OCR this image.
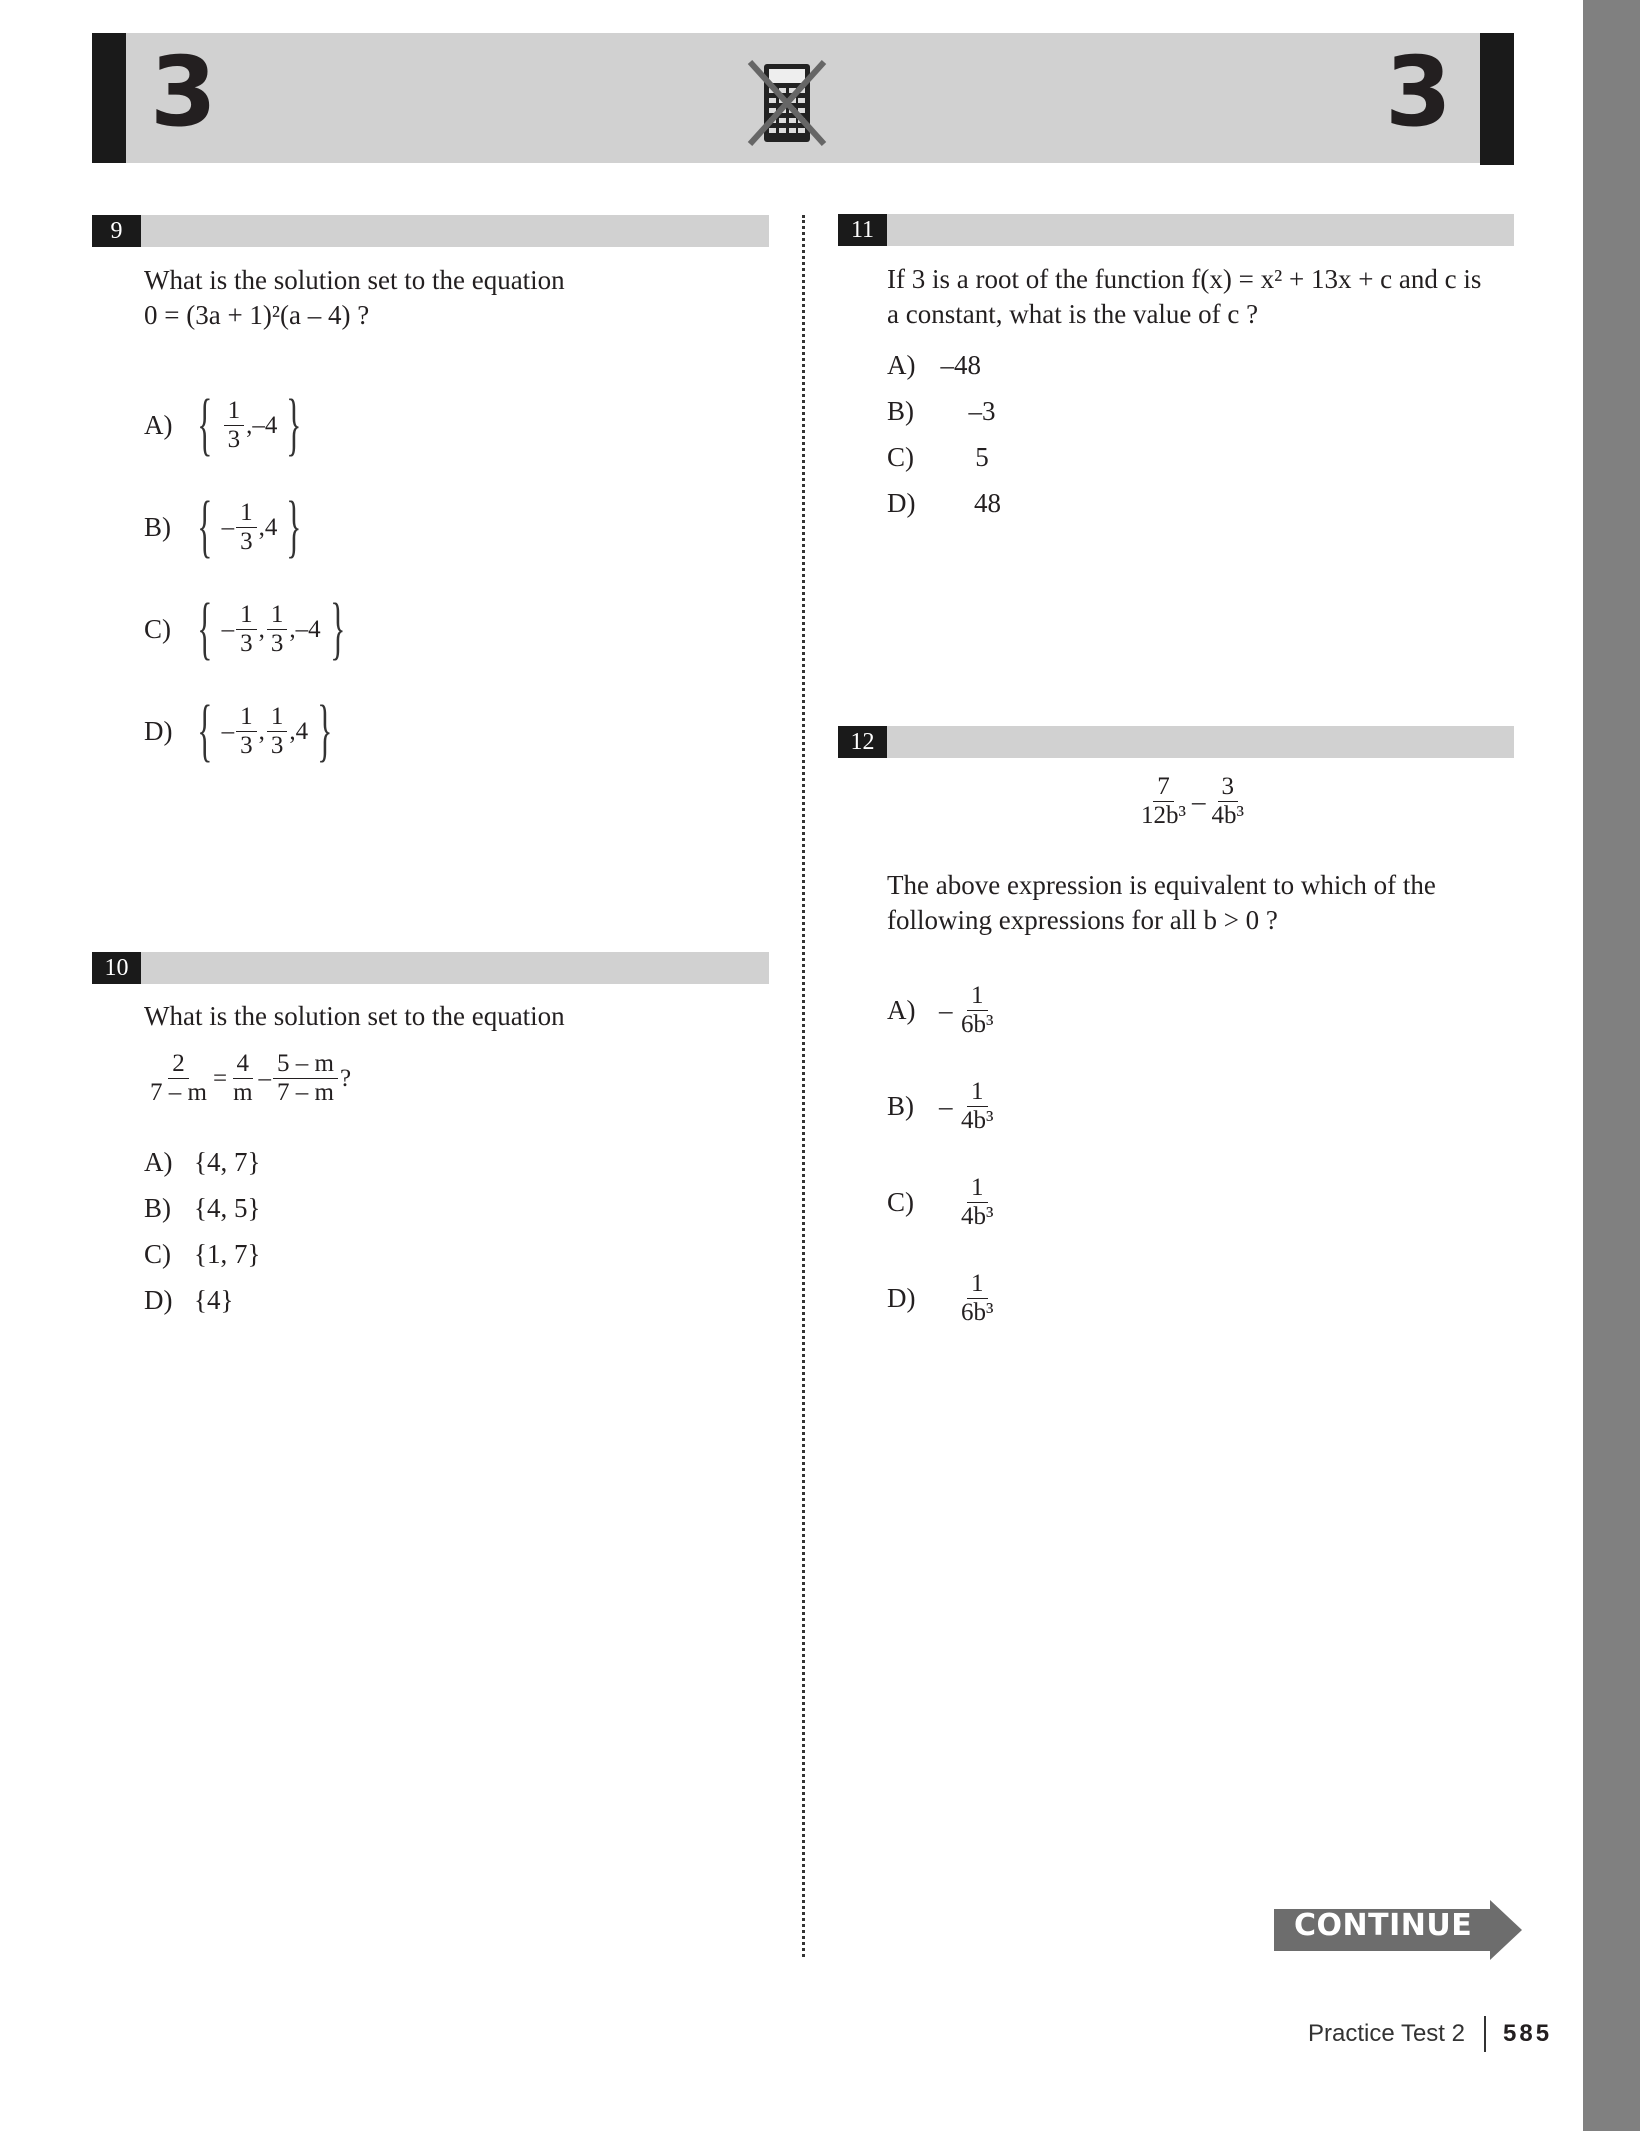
3	3
9
What is the solution set to the equation
0 = (3a + 1)²(a – 4) ?
A) { $\frac{1}{3} ,-4$ }
B) { – $\frac{1}{3} ,4$ }
C) { – $\frac{1}{3}$ , $\frac{1}{3} ,-4$ }
D) { – $\frac{1}{3}$ , $\frac{1}{3} ,4$ }
10
What is the solution set to the equation
$\frac{2}{7 - m} = \frac{4}{m} - \frac{5 - m}{7 - m}$ ?
A) {4, 7}
B) {4, 5}
C) {1, 7}
D) {4}
11
If 3 is a root of the function f(x) = x² + 13x + c and c is
a constant, what is the value of c ?
A) –48
B)	–3
C)	5
D)	48
12
$\frac{7}{\text{12b³}} - \frac{3}{\text{4b³}}$
The above expression is equivalent to which of the
following expressions for all b > 0 ?
$A) - \frac{1}{\text{6b³}}$
$B) - \frac{1}{\text{4b³}}$
C)	$\frac{1}{\text{4b³}}$
D)	$\frac{1}{\text{6b³}}$
CONTINUE
Practice Test 2 585
